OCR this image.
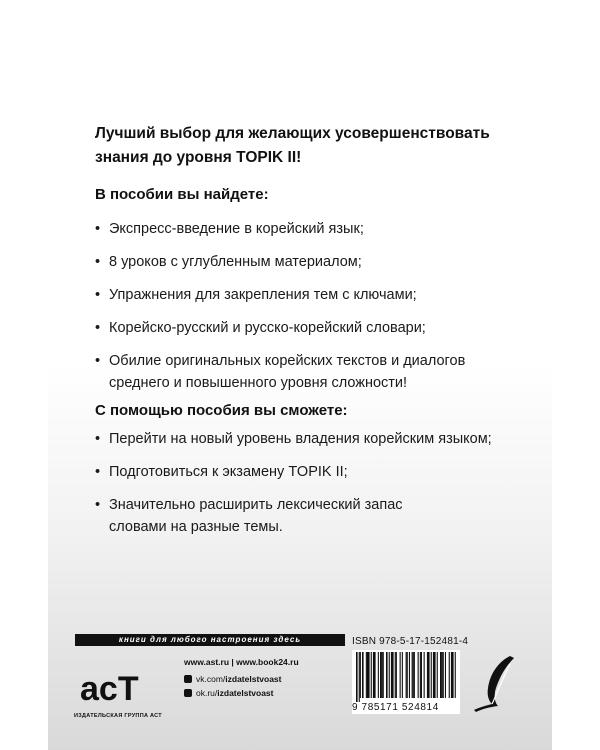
Лучший выбор для желающих усовершенствовать
знания до уровня TOPIK II!
В пособии вы найдете:
• Экспресс-введение в корейский язык;
• 8 уроков с углубленным материалом;
• Упражнения для закрепления тем с ключами;
• Корейско-русский и русско-корейский словари;
• Обилие оригинальных корейских текстов и диалогов
среднего и повышенного уровня сложности!
С помощью пособия вы сможете:
• Перейти на новый уровень владения корейским языком;
• Подготовиться к экзамену TOPIK II;
• Значительно расширить лексический запас
словами на разные темы.
книги для любого настроения здесь
acT
ИЗДАТЕЛЬСКАЯ ГРУППА АСТ
www.ast.ru | www.book24.ru
vk.com/ izdatelstvoast
ok.ru/ izdatelstvoast
ISBN 978-5-17-152481-4
9 785171 524814
